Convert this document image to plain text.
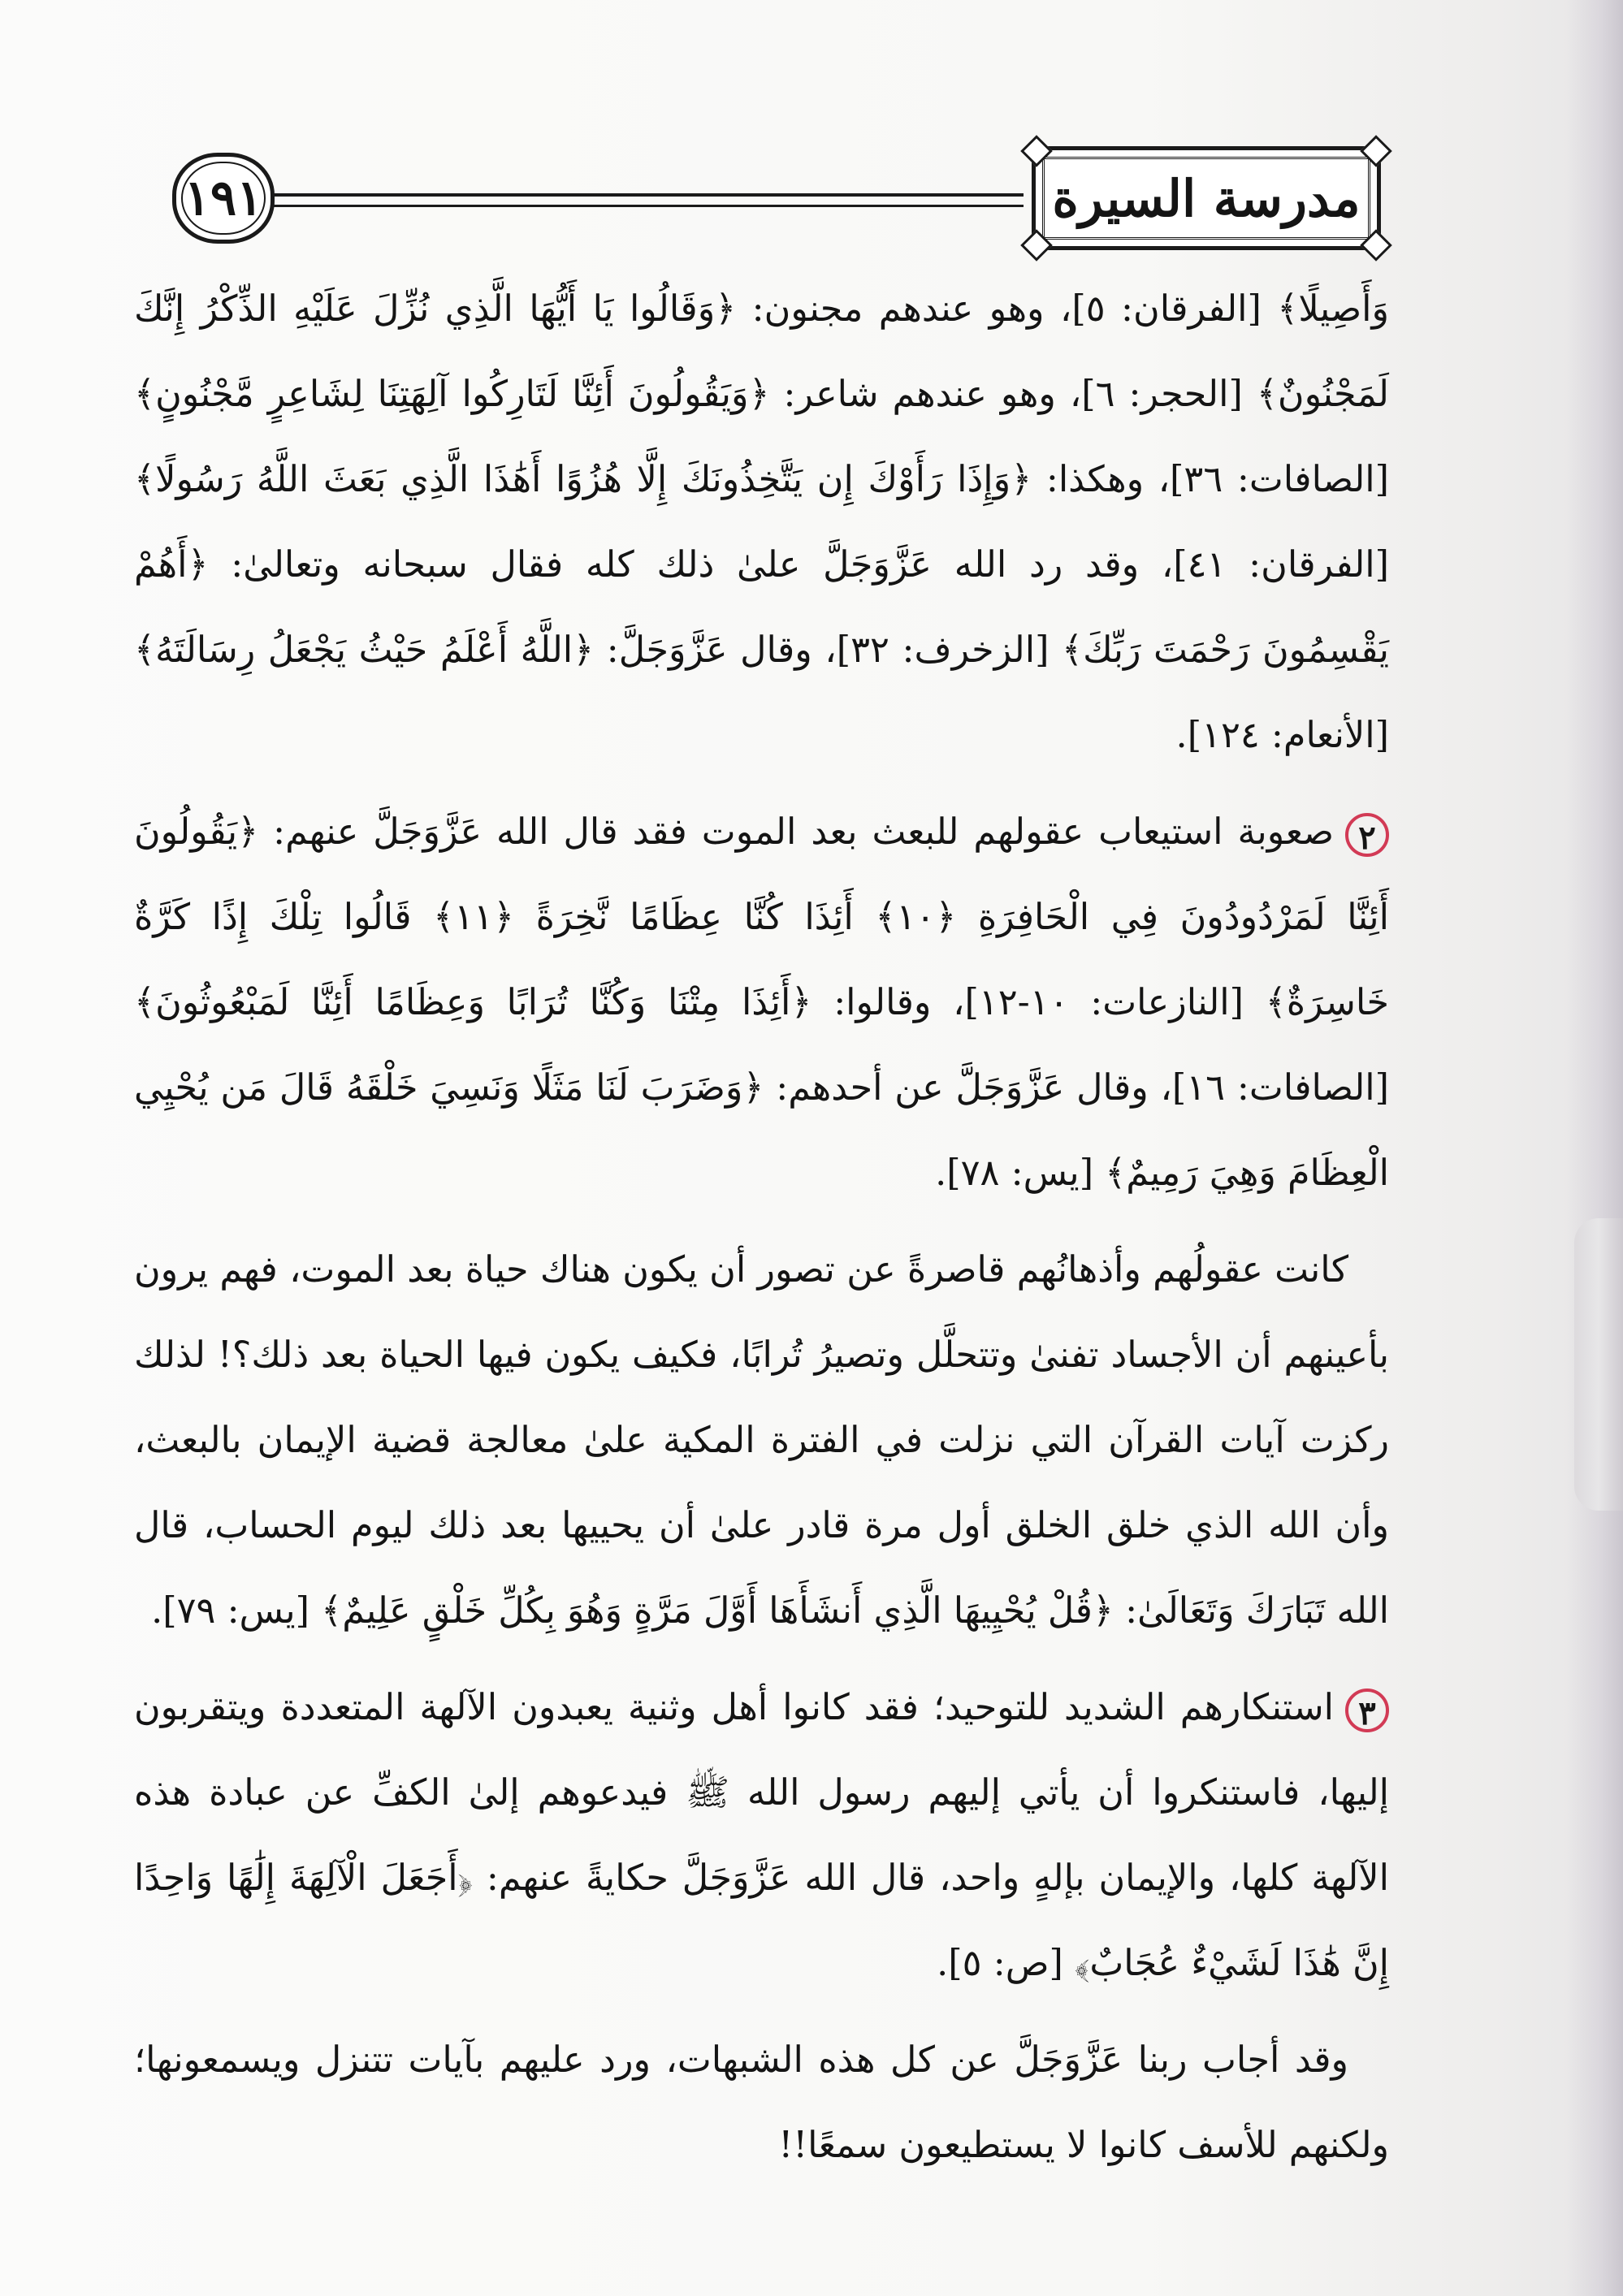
١٩١	مدرسة السيرة

وَأَصِيلًا﴾ [الفرقان: ٥]، وهو عندهم مجنون: ﴿وَقَالُوا يَا أَيُّهَا الَّذِي نُزِّلَ عَلَيْهِ الذِّكْرُ إِنَّكَ لَمَجْنُونٌ﴾ [الحجر: ٦]، وهو عندهم شاعر: ﴿وَيَقُولُونَ أَئِنَّا لَتَارِكُوا آلِهَتِنَا لِشَاعِرٍ مَّجْنُونٍ﴾ [الصافات: ٣٦]، وهكذا: ﴿وَإِذَا رَأَوْكَ إِن يَتَّخِذُونَكَ إِلَّا هُزُوًا أَهَٰذَا الَّذِي بَعَثَ اللَّهُ رَسُولًا﴾ [الفرقان: ٤١]، وقد رد الله عَزَّوَجَلَّ علىٰ ذلك كله فقال سبحانه وتعالىٰ: ﴿أَهُمْ يَقْسِمُونَ رَحْمَتَ رَبِّكَ﴾ [الزخرف: ٣٢]، وقال عَزَّوَجَلَّ: ﴿اللَّهُ أَعْلَمُ حَيْثُ يَجْعَلُ رِسَالَتَهُ﴾ [الأنعام: ١٢٤].

٢صعوبة استيعاب عقولهم للبعث بعد الموت فقد قال الله عَزَّوَجَلَّ عنهم: ﴿يَقُولُونَ أَئِنَّا لَمَرْدُودُونَ فِي الْحَافِرَةِ ﴿١٠﴾ أَئِذَا كُنَّا عِظَامًا نَّخِرَةً ﴿١١﴾ قَالُوا تِلْكَ إِذًا كَرَّةٌ خَاسِرَةٌ﴾ [النازعات: ١٠-١٢]، وقالوا: ﴿أَئِذَا مِتْنَا وَكُنَّا تُرَابًا وَعِظَامًا أَئِنَّا لَمَبْعُوثُونَ﴾ [الصافات: ١٦]، وقال عَزَّوَجَلَّ عن أحدهم: ﴿وَضَرَبَ لَنَا مَثَلًا وَنَسِيَ خَلْقَهُ قَالَ مَن يُحْيِي الْعِظَامَ وَهِيَ رَمِيمٌ﴾ [يس: ٧٨].

كانت عقولُهم وأذهانُهم قاصرةً عن تصور أن يكون هناك حياة بعد الموت، فهم يرون بأعينهم أن الأجساد تفنىٰ وتتحلَّل وتصيرُ تُرابًا، فكيف يكون فيها الحياة بعد ذلك؟! لذلك ركزت آيات القرآن التي نزلت في الفترة المكية علىٰ معالجة قضية الإيمان بالبعث، وأن الله الذي خلق الخلق أول مرة قادر علىٰ أن يحييها بعد ذلك ليوم الحساب، قال الله تَبَارَكَ وَتَعَالَىٰ: ﴿قُلْ يُحْيِيهَا الَّذِي أَنشَأَهَا أَوَّلَ مَرَّةٍ وَهُوَ بِكُلِّ خَلْقٍ عَلِيمٌ﴾ [يس: ٧٩].

٣استنكارهم الشديد للتوحيد؛ فقد كانوا أهل وثنية يعبدون الآلهة المتعددة ويتقربون إليها، فاستنكروا أن يأتي إليهم رسول الله ﷺ فيدعوهم إلىٰ الكفِّ عن عبادة هذه الآلهة كلها، والإيمان بإلهٍ واحد، قال الله عَزَّوَجَلَّ حكايةً عنهم: ﴿أَجَعَلَ الْآلِهَةَ إِلَٰهًا وَاحِدًا إِنَّ هَٰذَا لَشَيْءٌ عُجَابٌ﴾ [ص: ٥].

وقد أجاب ربنا عَزَّوَجَلَّ عن كل هذه الشبهات، ورد عليهم بآيات تتنزل ويسمعونها؛ ولكنهم للأسف كانوا لا يستطيعون سمعًا!!
